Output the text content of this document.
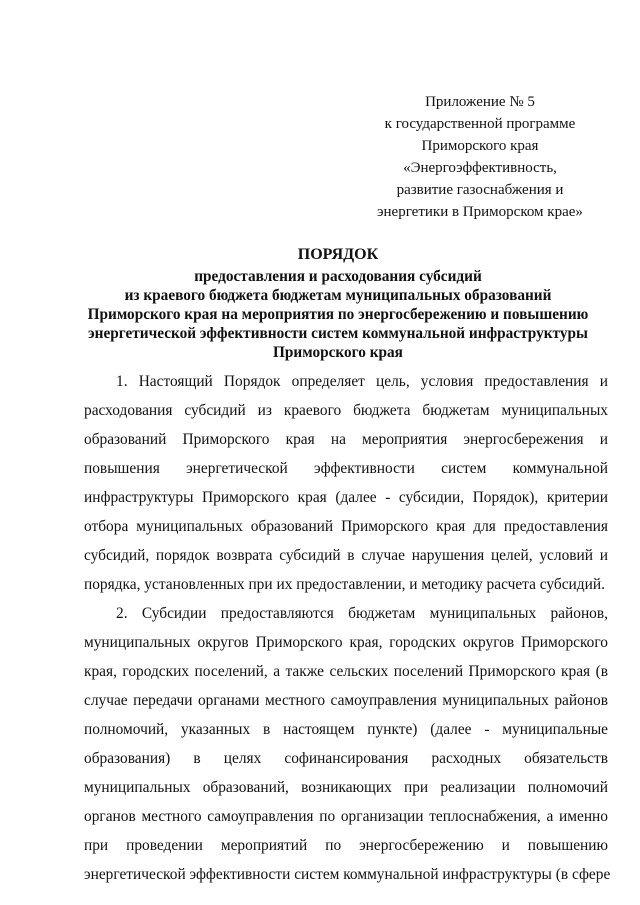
Приложение № 5
к государственной программе
Приморского края
«Энергоэффективность,
развитие газоснабжения и
энергетики в Приморском крае»
ПОРЯДОК
предоставления и расходования субсидий
из краевого бюджета бюджетам муниципальных образований
Приморского края на мероприятия по энергосбережению и повышению
энергетической эффективности систем коммунальной инфраструктуры
Приморского края
1. Настоящий Порядок определяет цель, условия предоставления и
расходования субсидий из краевого бюджета бюджетам муниципальных
образований Приморского края на мероприятия энергосбережения и
повышения энергетической эффективности систем коммунальной
инфраструктуры Приморского края (далее - субсидии, Порядок), критерии
отбора муниципальных образований Приморского края для предоставления
субсидий, порядок возврата субсидий в случае нарушения целей, условий и
порядка, установленных при их предоставлении, и методику расчета субсидий.
2. Субсидии предоставляются бюджетам муниципальных районов,
муниципальных округов Приморского края, городских округов Приморского
края, городских поселений, а также сельских поселений Приморского края (в
случае передачи органами местного самоуправления муниципальных районов
полномочий, указанных в настоящем пункте) (далее - муниципальные
образования) в целях софинансирования расходных обязательств
муниципальных образований, возникающих при реализации полномочий
органов местного самоуправления по организации теплоснабжения, а именно
при проведении мероприятий по энергосбережению и повышению
энергетической эффективности систем коммунальной инфраструктуры (в сфере
